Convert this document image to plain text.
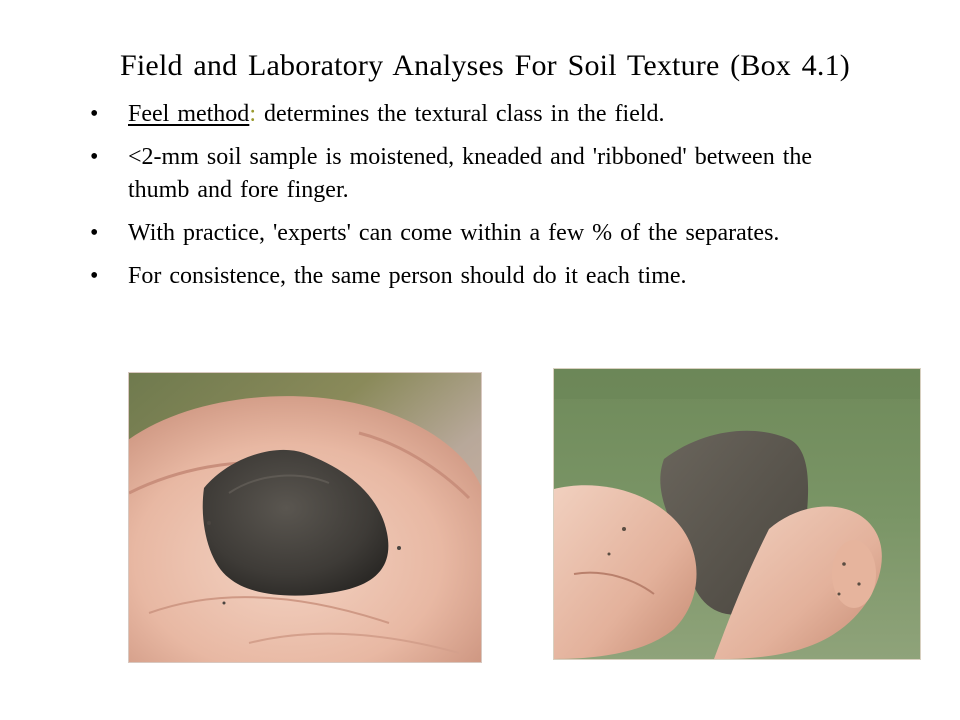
Field and Laboratory Analyses For Soil Texture (Box 4.1)
• Feel method: determines the textural class in the field.
• <2-mm soil sample is moistened, kneaded and 'ribboned' between the thumb and fore finger.
• With practice, 'experts' can come within a few % of the separates.
• For consistence, the same person should do it each time.
